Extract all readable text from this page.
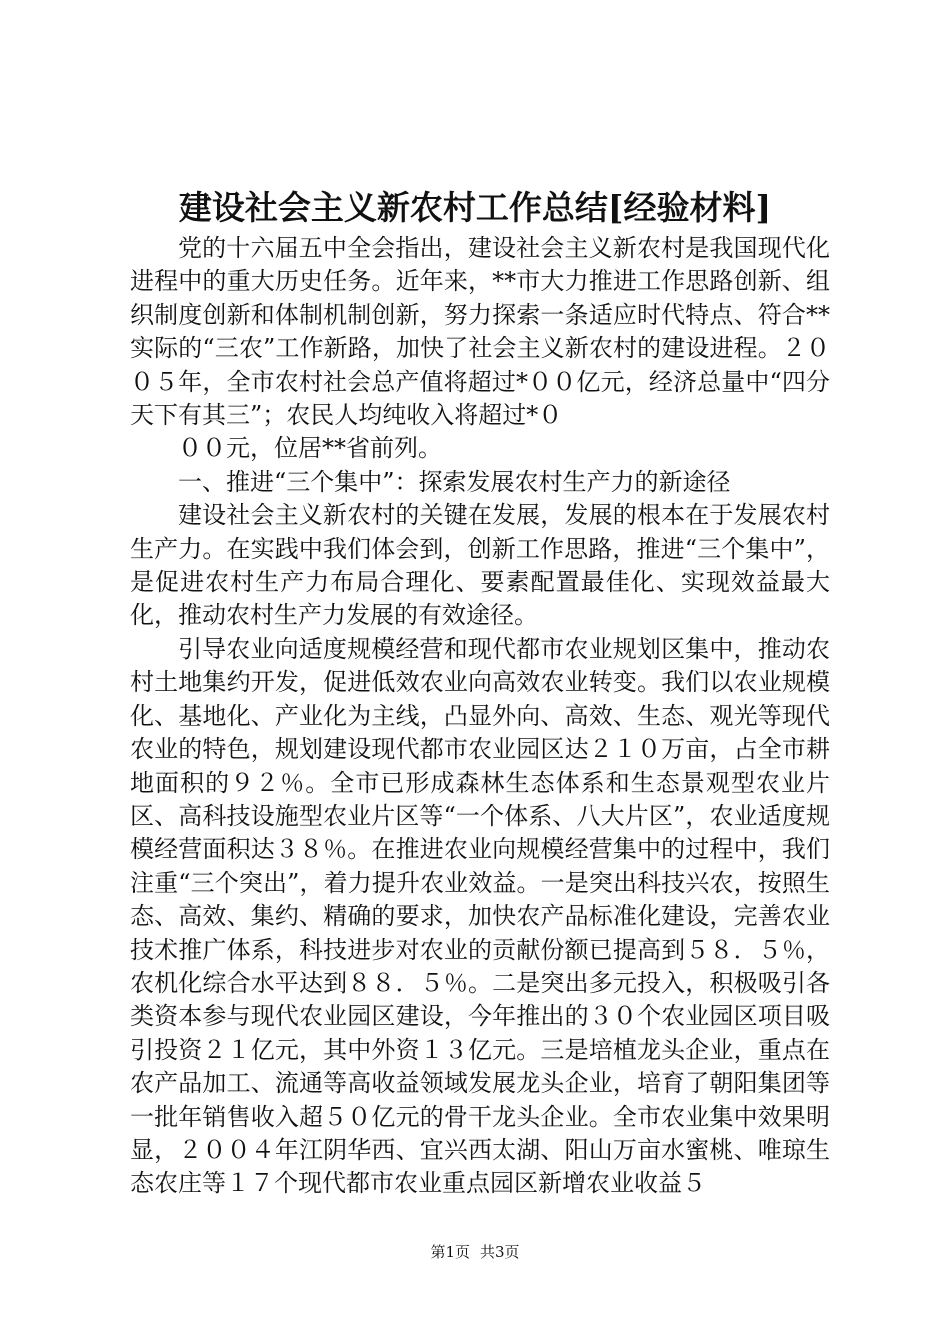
建设社会主义新农村工作总结[经验材料]

党的十六届五中全会指出，建设社会主义新农村是我国现代化进程中的重大历史任务。近年来，**市大力推进工作思路创新、组织制度创新和体制机制创新，努力探索一条适应时代特点、符合**实际的“三农”工作新路，加快了社会主义新农村的建设进程。２００５年，全市农村社会总产值将超过*００亿元，经济总量中“四分天下有其三”；农民人均纯收入将超过*０

００元，位居**省前列。

一、推进“三个集中”：探索发展农村生产力的新途径

建设社会主义新农村的关键在发展，发展的根本在于发展农村生产力。在实践中我们体会到，创新工作思路，推进“三个集中”，是促进农村生产力布局合理化、要素配置最佳化、实现效益最大化，推动农村生产力发展的有效途径。

引导农业向适度规模经营和现代都市农业规划区集中，推动农村土地集约开发，促进低效农业向高效农业转变。我们以农业规模化、基地化、产业化为主线，凸显外向、高效、生态、观光等现代农业的特色，规划建设现代都市农业园区达２１０万亩，占全市耕地面积的９２％。全市已形成森林生态体系和生态景观型农业片区、高科技设施型农业片区等“一个体系、八大片区”，农业适度规模经营面积达３８％。在推进农业向规模经营集中的过程中，我们注重“三个突出”，着力提升农业效益。一是突出科技兴农，按照生态、高效、集约、精确的要求，加快农产品标准化建设，完善农业技术推广体系，科技进步对农业的贡献份额已提高到５８．５％，农机化综合水平达到８８．５％。二是突出多元投入，积极吸引各类资本参与现代农业园区建设，今年推出的３０个农业园区项目吸引投资２１亿元，其中外资１３亿元。三是培植龙头企业，重点在农产品加工、流通等高收益领域发展龙头企业，培育了朝阳集团等一批年销售收入超５０亿元的骨干龙头企业。全市农业集中效果明显，２００４年江阴华西、宜兴西太湖、阳山万亩水蜜桃、唯琼生态农庄等１７个现代都市农业重点园区新增农业收益５

第1页 共3页
